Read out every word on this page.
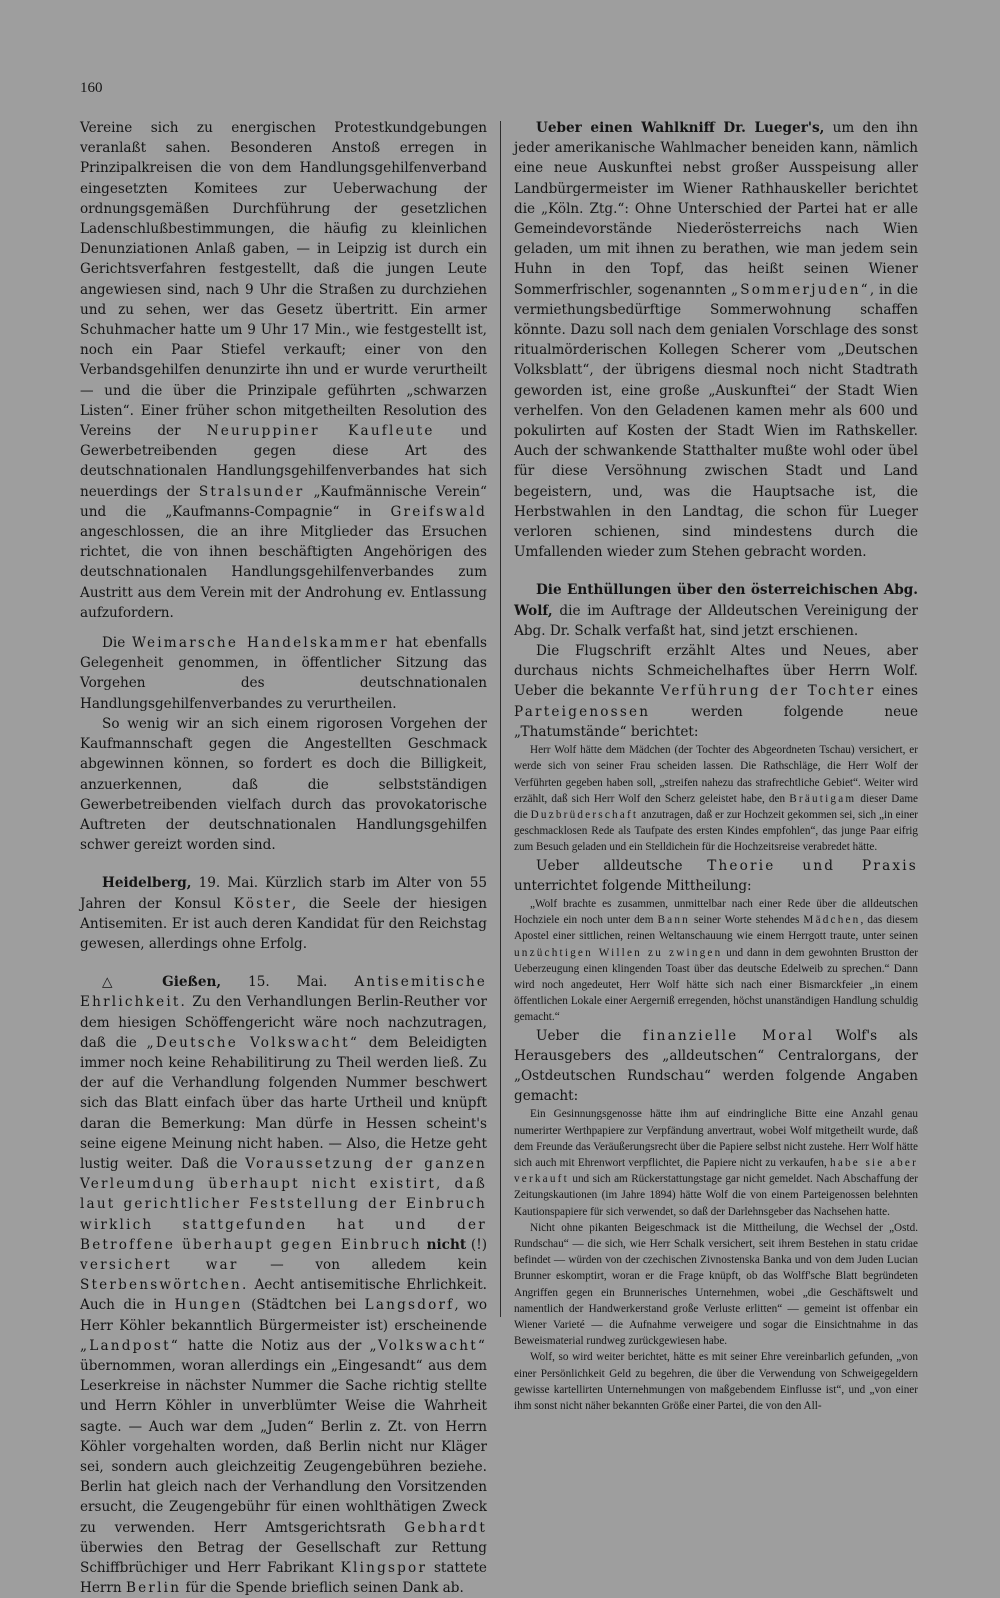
160

Vereine sich zu energischen Protestkundgebungen veranlaßt sahen. Besonderen Anstoß erregen in Prinzipalkreisen die von dem Handlungsgehilfenverband eingesetzten Komitees zur Ueberwachung der ordnungsgemäßen Durchführung der gesetzlichen Ladenschlußbestimmungen, die häufig zu kleinlichen Denunziationen Anlaß gaben, — in Leipzig ist durch ein Gerichtsverfahren festgestellt, daß die jungen Leute angewiesen sind, nach 9 Uhr die Straßen zu durchziehen und zu sehen, wer das Gesetz übertritt. Ein armer Schuhmacher hatte um 9 Uhr 17 Min., wie festgestellt ist, noch ein Paar Stiefel verkauft; einer von den Verbandsgehilfen denunzirte ihn und er wurde verurtheilt — und die über die Prinzipale geführten „schwarzen Listen“. Einer früher schon mitgetheilten Resolution des Vereins der Neuruppiner Kaufleute und Gewerbetreibenden gegen diese Art des deutschnationalen Handlungsgehilfenverbandes hat sich neuerdings der Stralsunder „Kaufmännische Verein“ und die „Kaufmanns-Compagnie“ in Greifswald angeschlossen, die an ihre Mitglieder das Ersuchen richtet, die von ihnen beschäftigten Angehörigen des deutschnationalen Handlungsgehilfenverbandes zum Austritt aus dem Verein mit der Androhung ev. Entlassung aufzufordern.

Die Weimarsche Handelskammer hat ebenfalls Gelegenheit genommen, in öffentlicher Sitzung das Vorgehen des deutschnationalen Handlungsgehilfenverbandes zu verurtheilen.

So wenig wir an sich einem rigorosen Vorgehen der Kaufmannschaft gegen die Angestellten Geschmack abgewinnen können, so fordert es doch die Billigkeit, anzuerkennen, daß die selbstständigen Gewerbetreibenden vielfach durch das provokatorische Auftreten der deutschnationalen Handlungsgehilfen schwer gereizt worden sind.

Heidelberg, 19. Mai. Kürzlich starb im Alter von 55 Jahren der Konsul Köster, die Seele der hiesigen Antisemiten. Er ist auch deren Kandidat für den Reichstag gewesen, allerdings ohne Erfolg.

△ Gießen, 15. Mai. Antisemitische Ehrlichkeit. Zu den Verhandlungen Berlin-Reuther vor dem hiesigen Schöffengericht wäre noch nachzutragen, daß die „Deutsche Volkswacht“ dem Beleidigten immer noch keine Rehabilitirung zu Theil werden ließ. Zu der auf die Verhandlung folgenden Nummer beschwert sich das Blatt einfach über das harte Urtheil und knüpft daran die Bemerkung: Man dürfe in Hessen scheint's seine eigene Meinung nicht haben. — Also, die Hetze geht lustig weiter. Daß die Voraussetzung der ganzen Verleumdung überhaupt nicht existirt, daß laut gerichtlicher Feststellung der Einbruch wirklich stattgefunden hat und der Betroffene überhaupt gegen Einbruch nicht (!) versichert war — von alledem kein Sterbenswörtchen. Aecht antisemitische Ehrlichkeit. Auch die in Hungen (Städtchen bei Langsdorf, wo Herr Köhler bekanntlich Bürgermeister ist) erscheinende „Landpost“ hatte die Notiz aus der „Volkswacht“ übernommen, woran allerdings ein „Eingesandt“ aus dem Leserkreise in nächster Nummer die Sache richtig stellte und Herrn Köhler in unverblümter Weise die Wahrheit sagte. — Auch war dem „Juden“ Berlin z. Zt. von Herrn Köhler vorgehalten worden, daß Berlin nicht nur Kläger sei, sondern auch gleichzeitig Zeugengebühren beziehe. Berlin hat gleich nach der Verhandlung den Vorsitzenden ersucht, die Zeugengebühr für einen wohlthätigen Zweck zu verwenden. Herr Amtsgerichtsrath Gebhardt überwies den Betrag der Gesellschaft zur Rettung Schiffbrüchiger und Herr Fabrikant Klingspor stattete Herrn Berlin für die Spende brieflich seinen Dank ab.

Ueber einen Wahlkniff Dr. Lueger's, um den ihn jeder amerikanische Wahlmacher beneiden kann, nämlich eine neue Auskunftei nebst großer Ausspeisung aller Landbürgermeister im Wiener Rathhauskeller berichtet die „Köln. Ztg.“: Ohne Unterschied der Partei hat er alle Gemeindevorstände Niederösterreichs nach Wien geladen, um mit ihnen zu berathen, wie man jedem sein Huhn in den Topf, das heißt seinen Wiener Sommerfrischler, sogenannten „Sommerjuden“, in die vermiethungsbedürftige Sommerwohnung schaffen könnte. Dazu soll nach dem genialen Vorschlage des sonst ritualmörderischen Kollegen Scherer vom „Deutschen Volksblatt“, der übrigens diesmal noch nicht Stadtrath geworden ist, eine große „Auskunftei“ der Stadt Wien verhelfen. Von den Geladenen kamen mehr als 600 und pokulirten auf Kosten der Stadt Wien im Rathskeller. Auch der schwankende Statthalter mußte wohl oder übel für diese Versöhnung zwischen Stadt und Land begeistern, und, was die Hauptsache ist, die Herbstwahlen in den Landtag, die schon für Lueger verloren schienen, sind mindestens durch die Umfallenden wieder zum Stehen gebracht worden.

Die Enthüllungen über den österreichischen Abg. Wolf, die im Auftrage der Alldeutschen Vereinigung der Abg. Dr. Schalk verfaßt hat, sind jetzt erschienen.

Die Flugschrift erzählt Altes und Neues, aber durchaus nichts Schmeichelhaftes über Herrn Wolf. Ueber die bekannte Verführung der Tochter eines Parteigenossen	werden folgende neue „Thatumstände“ berichtet:

Herr Wolf hätte dem Mädchen (der Tochter des Abgeordneten Tschau) versichert, er werde sich von seiner Frau scheiden lassen. Die Rathschläge, die Herr Wolf der Verführten gegeben haben soll, „streifen nahezu das strafrechtliche Gebiet“. Weiter wird erzählt, daß sich Herr Wolf den Scherz geleistet habe, den Bräutigam dieser Dame die Duzbrüderschaft anzutragen, daß er zur Hochzeit gekommen sei, sich „in einer geschmacklosen Rede als Taufpate des ersten Kindes empfohlen“, das junge Paar eifrig zum Besuch geladen und ein Stelldichein für die Hochzeitsreise verabredet hätte.

Ueber alldeutsche Theorie und Praxis unterrichtet folgende Mittheilung:

„Wolf brachte es zusammen, unmittelbar nach einer Rede über die alldeutschen Hochziele ein noch unter dem Bann seiner Worte stehendes Mädchen, das diesem Apostel einer sittlichen, reinen Weltanschauung wie einem Herrgott traute, unter seinen unzüchtigen Willen zu zwingen und dann in dem gewohnten Brustton der Ueberzeugung einen klingenden Toast über das deutsche Edelweib zu sprechen.“ Dann wird noch angedeutet, Herr Wolf hätte sich nach einer Bismarckfeier „in einem öffentlichen Lokale einer Aergerniß erregenden, höchst unanständigen Handlung schuldig gemacht.“

Ueber die finanzielle Moral Wolf's als Herausgebers des „alldeutschen“ Centralorgans, der „Ostdeutschen Rundschau“ werden folgende Angaben gemacht:

Ein Gesinnungsgenosse hätte ihm auf eindringliche Bitte eine Anzahl genau numerirter Werthpapiere zur Verpfändung anvertraut, wobei Wolf mitgetheilt wurde, daß dem Freunde das Veräußerungsrecht über die Papiere selbst nicht zustehe. Herr Wolf hätte sich auch mit Ehrenwort verpflichtet, die Papiere nicht zu verkaufen, habe sie aber verkauft und sich am Rückerstattungstage gar nicht gemeldet. Nach Abschaffung der Zeitungskautionen (im Jahre 1894) hätte Wolf die von einem Parteigenossen belehnten Kautionspapiere für sich verwendet, so daß der Darlehnsgeber das Nachsehen hatte.

Nicht ohne pikanten Beigeschmack ist die Mittheilung, die Wechsel der „Ostd. Rundschau“ — die sich, wie Herr Schalk versichert, seit ihrem Bestehen in statu cridae befindet — würden von der czechischen Zivnostenska Banka und von dem Juden Lucian Brunner eskomptirt, woran er die Frage knüpft, ob das Wolff'sche Blatt begründeten Angriffen gegen ein Brunnerisches Unternehmen, wobei „die Geschäftswelt und namentlich der Handwerkerstand große Verluste erlitten“ — gemeint ist offenbar ein Wiener Varieté — die Aufnahme verweigere und sogar die Einsichtnahme in das Beweismaterial rundweg zurückgewiesen habe.

Wolf, so wird weiter berichtet, hätte es mit seiner Ehre vereinbarlich gefunden, „von einer Persönlichkeit Geld zu begehren, die über die Verwendung von Schweigegeldern gewisse kartellirten Unternehmungen von maßgebendem Einflusse ist“, und „von einer ihm sonst nicht näher bekannten Größe einer Partei, die von den All-
